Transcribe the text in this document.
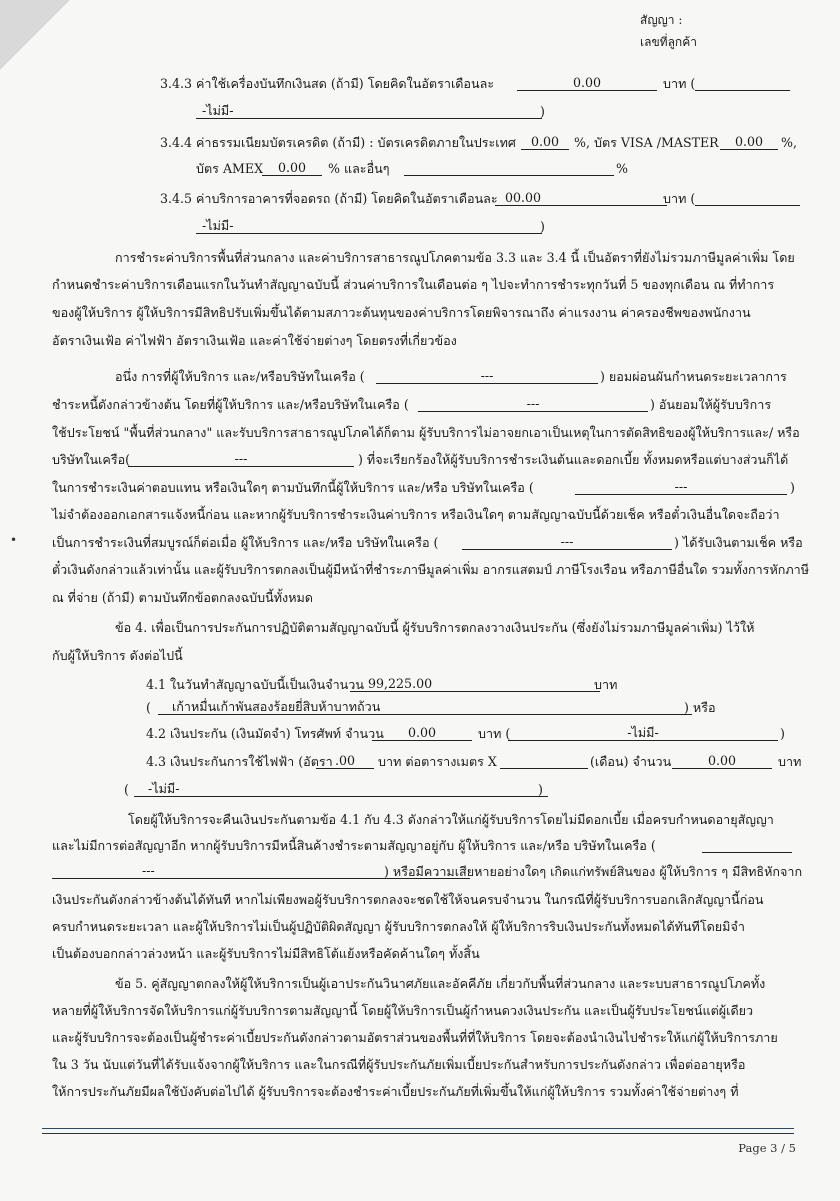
สัญญา :
เลขที่ลูกค้า
3.4.3 ค่าใช้เครื่องบันทึกเงินสด (ถ้ามี) โดยคิดในอัตราเดือนละ	0.00	บาท (
-ไม่มี-	)
3.4.4 ค่าธรรมเนียมบัตรเครดิต (ถ้ามี) : บัตรเครดิตภายในประเทศ	0.00	%, บัตร VISA /MASTER	0.00	%,
บัตร AMEX	0.00	% และอื่นๆ	%
3.4.5 ค่าบริการอาคารที่จอดรถ (ถ้ามี) โดยคิดในอัตราเดือนละ 00.00	บาท (
-ไม่มี-	)
การชำระค่าบริการพื้นที่ส่วนกลาง และค่าบริการสาธารณูปโภคตามข้อ 3.3 และ 3.4 นี้ เป็นอัตราที่ยังไม่รวมภาษีมูลค่าเพิ่ม โดย
กำหนดชำระค่าบริการเดือนแรกในวันทำสัญญาฉบับนี้ ส่วนค่าบริการในเดือนต่อ ๆ ไปจะทำการชำระทุกวันที่ 5 ของทุกเดือน ณ ที่ทำการ
ของผู้ให้บริการ ผู้ให้บริการมีสิทธิปรับเพิ่มขึ้นได้ตามสภาวะต้นทุนของค่าบริการโดยพิจารณาถึง ค่าแรงงาน ค่าครองชีพของพนักงาน
อัตราเงินเฟ้อ ค่าไฟฟ้า อัตราเงินเฟ้อ และค่าใช้จ่ายต่างๆ โดยตรงที่เกี่ยวข้อง
อนึ่ง การที่ผู้ให้บริการ และ/หรือบริษัทในเครือ (	---	) ยอมผ่อนผันกำหนดระยะเวลาการ
ชำระหนี้ดังกล่าวข้างต้น โดยที่ผู้ให้บริการ และ/หรือบริษัทในเครือ (	---	) อันยอมให้ผู้รับบริการ
ใช้ประโยชน์ "พื้นที่ส่วนกลาง" และรับบริการสาธารณูปโภคได้ก็ตาม ผู้รับบริการไม่อาจยกเอาเป็นเหตุในการตัดสิทธิของผู้ให้บริการและ/ หรือ
บริษัทในเครือ(	---	) ที่จะเรียกร้องให้ผู้รับบริการชำระเงินต้นและดอกเบี้ย ทั้งหมดหรือแต่บางส่วนก็ได้
ในการชำระเงินค่าตอบแทน หรือเงินใดๆ ตามบันทึกนี้ผู้ให้บริการ และ/หรือ บริษัทในเครือ (	---	)
ไม่จำต้องออกเอกสารแจ้งหนี้ก่อน และหากผู้รับบริการชำระเงินค่าบริการ หรือเงินใดๆ ตามสัญญาฉบับนี้ด้วยเช็ค หรือตั๋วเงินอื่นใดจะถือว่า
เป็นการชำระเงินที่สมบูรณ์ก็ต่อเมื่อ ผู้ให้บริการ และ/หรือ บริษัทในเครือ (	---	) ได้รับเงินตามเช็ค หรือ
ตั๋วเงินดังกล่าวแล้วเท่านั้น และผู้รับบริการตกลงเป็นผู้มีหน้าที่ชำระภาษีมูลค่าเพิ่ม อากรแสตมป์ ภาษีโรงเรือน หรือภาษีอื่นใด รวมทั้งการหักภาษี
ณ ที่จ่าย (ถ้ามี) ตามบันทึกข้อตกลงฉบับนี้ทั้งหมด
•
ข้อ 4. เพื่อเป็นการประกันการปฏิบัติตามสัญญาฉบับนี้ ผู้รับบริการตกลงวางเงินประกัน (ซึ่งยังไม่รวมภาษีมูลค่าเพิ่ม) ไว้ให้
กับผู้ให้บริการ ดังต่อไปนี้
4.1 ในวันทำสัญญาฉบับนี้เป็นเงินจำนวน 99,225.00	บาท
(	เก้าหมื่นเก้าพันสองร้อยยี่สิบห้าบาทถ้วน	) หรือ
4.2 เงินประกัน (เงินมัดจำ) โทรศัพท์ จำนวน	0.00	บาท (	-ไม่มี-	)
4.3 เงินประกันการใช้ไฟฟ้า (อัตรา .00	บาท ต่อตารางเมตร X	(เดือน) จำนวน	0.00	บาท
(	-ไม่มี-	)
โดยผู้ให้บริการจะคืนเงินประกันตามข้อ 4.1 กับ 4.3 ดังกล่าวให้แก่ผู้รับบริการโดยไม่มีดอกเบี้ย เมื่อครบกำหนดอายุสัญญา
และไม่มีการต่อสัญญาอีก หากผู้รับบริการมีหนี้สินค้างชำระตามสัญญาอยู่กับ ผู้ให้บริการ และ/หรือ บริษัทในเครือ (
---	) หรือมีความเสียหายอย่างใดๆ เกิดแก่ทรัพย์สินของ ผู้ให้บริการ ๆ มีสิทธิหักจาก
เงินประกันดังกล่าวข้างต้นได้ทันที หากไม่เพียงพอผู้รับบริการตกลงจะชดใช้ให้จนครบจำนวน ในกรณีที่ผู้รับบริการบอกเลิกสัญญานี้ก่อน
ครบกำหนดระยะเวลา และผู้ให้บริการไม่เป็นผู้ปฏิบัติผิดสัญญา ผู้รับบริการตกลงให้ ผู้ให้บริการริบเงินประกันทั้งหมดได้ทันทีโดยมิจำ
เป็นต้องบอกกล่าวล่วงหน้า และผู้รับบริการไม่มีสิทธิโต้แย้งหรือคัดค้านใดๆ ทั้งสิ้น
ข้อ 5. คู่สัญญาตกลงให้ผู้ให้บริการเป็นผู้เอาประกันวินาศภัยและอัคคีภัย เกี่ยวกับพื้นที่ส่วนกลาง และระบบสาธารณูปโภคทั้ง
หลายที่ผู้ให้บริการจัดให้บริการแก่ผู้รับบริการตามสัญญานี้ โดยผู้ให้บริการเป็นผู้กำหนดวงเงินประกัน และเป็นผู้รับประโยชน์แต่ผู้เดียว
และผู้รับบริการจะต้องเป็นผู้ชำระค่าเบี้ยประกันดังกล่าวตามอัตราส่วนของพื้นที่ที่ให้บริการ โดยจะต้องนำเงินไปชำระให้แก่ผู้ให้บริการภาย
ใน 3 วัน นับแต่วันที่ได้รับแจ้งจากผู้ให้บริการ และในกรณีที่ผู้รับประกันภัยเพิ่มเบี้ยประกันสำหรับการประกันดังกล่าว เพื่อต่ออายุหรือ
ให้การประกันภัยมีผลใช้บังคับต่อไปได้ ผู้รับบริการจะต้องชำระค่าเบี้ยประกันภัยที่เพิ่มขึ้นให้แก่ผู้ให้บริการ รวมทั้งค่าใช้จ่ายต่างๆ ที่
Page 3 / 5
